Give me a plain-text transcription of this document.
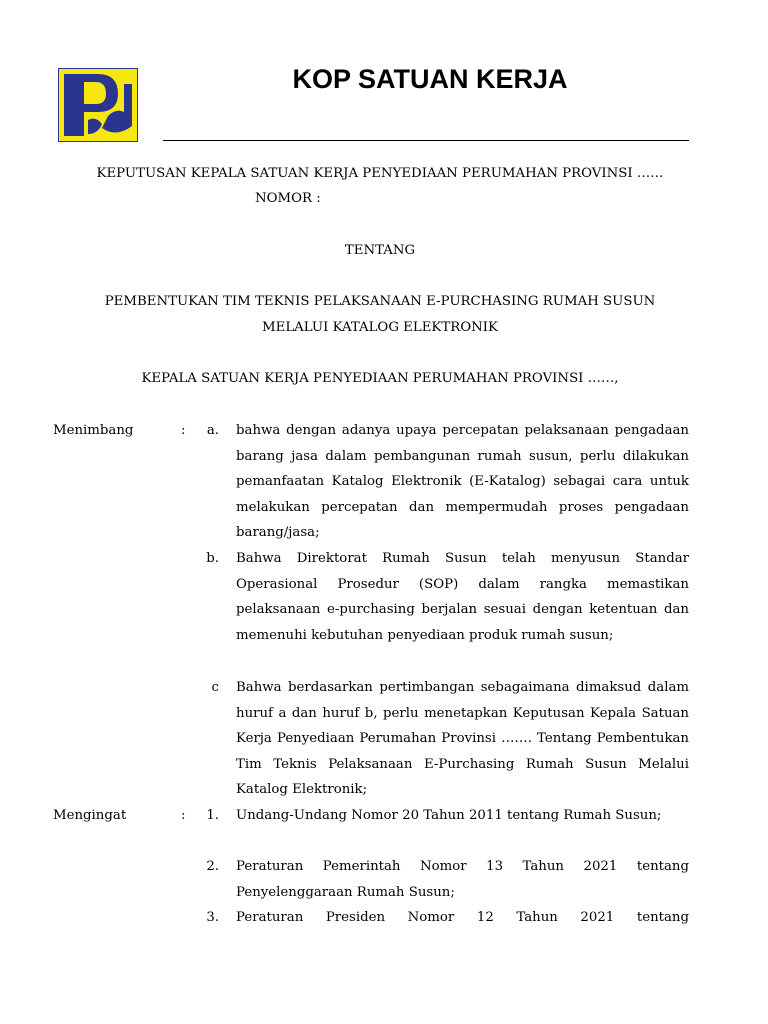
KOP SATUAN KERJA
KEPUTUSAN KEPALA SATUAN KERJA PENYEDIAAN PERUMAHAN PROVINSI ……
NOMOR :
TENTANG
PEMBENTUKAN TIM TEKNIS PELAKSANAAN E-PURCHASING RUMAH SUSUN
MELALUI KATALOG ELEKTRONIK
KEPALA SATUAN KERJA PENYEDIAAN PERUMAHAN PROVINSI ……,
Menimbang	: a. bahwa dengan adanya upaya percepatan pelaksanaan pengadaan barang jasa dalam pembangunan rumah susun, perlu dilakukan pemanfaatan Katalog Elektronik (E-Katalog) sebagai cara untuk melakukan percepatan dan mempermudah proses pengadaan barang/jasa;
b. Bahwa Direktorat Rumah Susun telah menyusun Standar Operasional Prosedur (SOP) dalam rangka memastikan pelaksanaan e-purchasing berjalan sesuai dengan ketentuan dan memenuhi kebutuhan penyediaan produk rumah susun;
c Bahwa berdasarkan pertimbangan sebagaimana dimaksud dalam huruf a dan huruf b, perlu menetapkan Keputusan Kepala Satuan Kerja Penyediaan Perumahan Provinsi ……. Tentang Pembentukan Tim Teknis Pelaksanaan E-Purchasing Rumah Susun Melalui Katalog Elektronik;
Mengingat	: 1. Undang-Undang Nomor 20 Tahun 2011 tentang Rumah Susun;
2. Peraturan Pemerintah Nomor 13 Tahun 2021 tentang Penyelenggaraan Rumah Susun;
3. Peraturan Presiden Nomor 12 Tahun 2021 tentang
